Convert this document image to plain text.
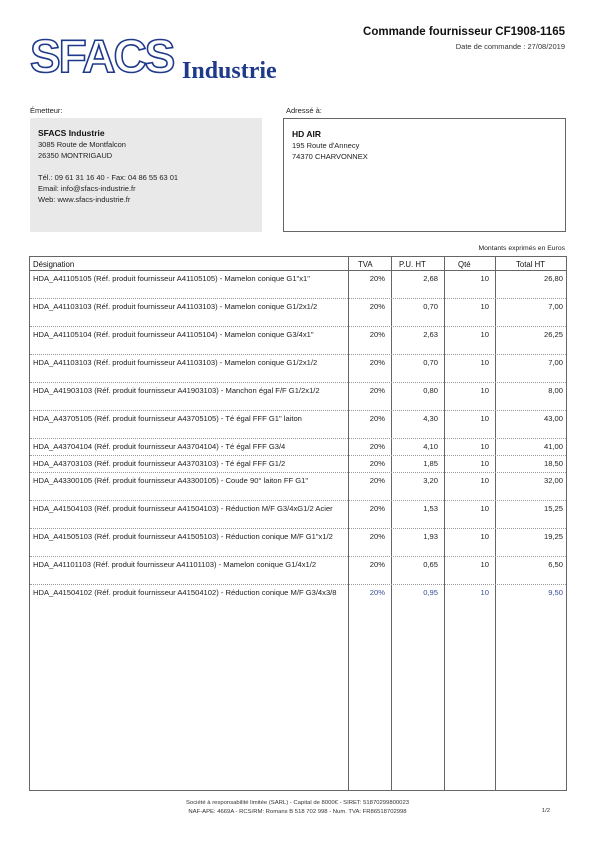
SFACS Industrie
Commande fournisseur CF1908-1165
Date de commande : 27/08/2019
Émetteur:	Adressé à:
SFACS Industrie
3085 Route de Montfalcon
26350 MONTRIGAUD
Tél.: 09 61 31 16 40 - Fax: 04 86 55 63 01
Email: info@sfacs-industrie.fr
Web: www.sfacs-industrie.fr
HD AIR
195 Route d'Annecy
74370 CHARVONNEX
Montants exprimés en Euros
Désignation	TVA	P.U. HT	Qté	Total HT
HDA_A41105105 (Réf. produit fournisseur A41105105) - Mamelon conique G1"x1"	20%	2,68	10	26,80
HDA_A41103103 (Réf. produit fournisseur A41103103) - Mamelon conique G1/2x1/2	20%	0,70	10	7,00
HDA_A41105104 (Réf. produit fournisseur A41105104) - Mamelon conique G3/4x1"	20%	2,63	10	26,25
HDA_A41103103 (Réf. produit fournisseur A41103103) - Mamelon conique G1/2x1/2	20%	0,70	10	7,00
HDA_A41903103 (Réf. produit fournisseur A41903103) - Manchon égal F/F G1/2x1/2	20%	0,80	10	8,00
HDA_A43705105 (Réf. produit fournisseur A43705105) - Té égal FFF G1" laiton	20%	4,30	10	43,00
HDA_A43704104 (Réf. produit fournisseur A43704104) - Té égal FFF G3/4	20%	4,10	10	41,00
HDA_A43703103 (Réf. produit fournisseur A43703103) - Té égal FFF G1/2	20%	1,85	10	18,50
HDA_A43300105 (Réf. produit fournisseur A43300105) - Coude 90° laiton FF G1"	20%	3,20	10	32,00
HDA_A41504103 (Réf. produit fournisseur A41504103) - Réduction M/F G3/4xG1/2 Acier	20%	1,53	10	15,25
HDA_A41505103 (Réf. produit fournisseur A41505103) - Réduction conique M/F G1"x1/2	20%	1,93	10	19,25
HDA_A41101103 (Réf. produit fournisseur A41101103) - Mamelon conique G1/4x1/2	20%	0,65	10	6,50
HDA_A41504102 (Réf. produit fournisseur A41504102) - Réduction conique M/F G3/4x3/8	20%	0,95	10	9,50
Société à responsabilité limitée (SARL) - Capital de 8000€ - SIRET: 51870299800023
NAF-APE: 4669A - RCS/RM: Romans B 518 702 998 - Num. TVA: FR86518702998	1/2
